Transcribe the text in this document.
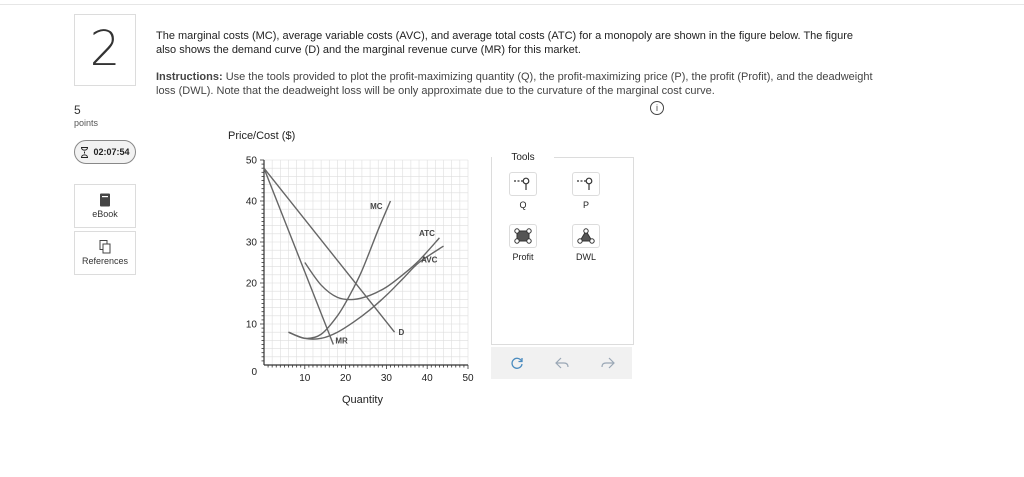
2
5
points
02:07:54
eBook
References
The marginal costs (MC), average variable costs (AVC), and average total costs (ATC) for a monopoly are shown in the figure below. The figure also shows the demand curve (D) and the marginal revenue curve (MR) for this market.
Instructions: Use the tools provided to plot the profit-maximizing quantity (Q), the profit-maximizing price (P), the profit (Profit), and the deadweight loss (DWL). Note that the deadweight loss will be only approximate due to the curvature of the marginal cost curve.
i
Price/Cost ($)
Quantity
10	20	30	40	50
10
20
30
40
50
0
D
MR
MC
ATC
AVC
Tools
Q	P
Profit	DWL
